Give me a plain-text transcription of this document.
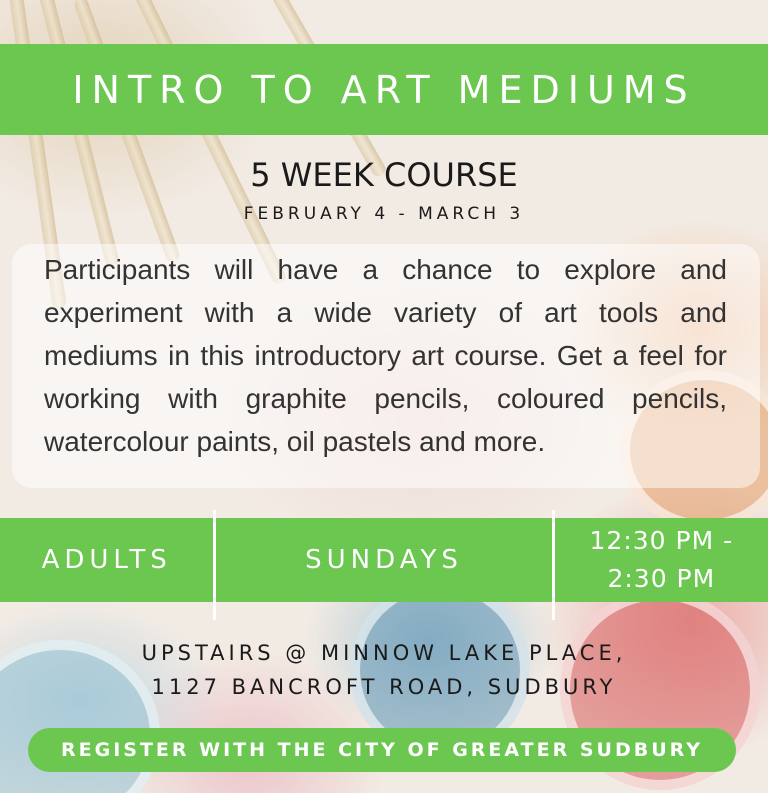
INTRO TO ART MEDIUMS
5 WEEK COURSE
FEBRUARY 4 - MARCH 3

Participants will have a chance to explore and experiment with a wide variety of art tools and mediums in this introductory art course. Get a feel for working with graphite pencils, coloured pencils, watercolour paints, oil pastels and more.

ADULTS	SUNDAYS
12:30 PM -
2:30 PM
UPSTAIRS @ MINNOW LAKE PLACE,
1127 BANCROFT ROAD, SUDBURY
REGISTER WITH THE CITY OF GREATER SUDBURY
